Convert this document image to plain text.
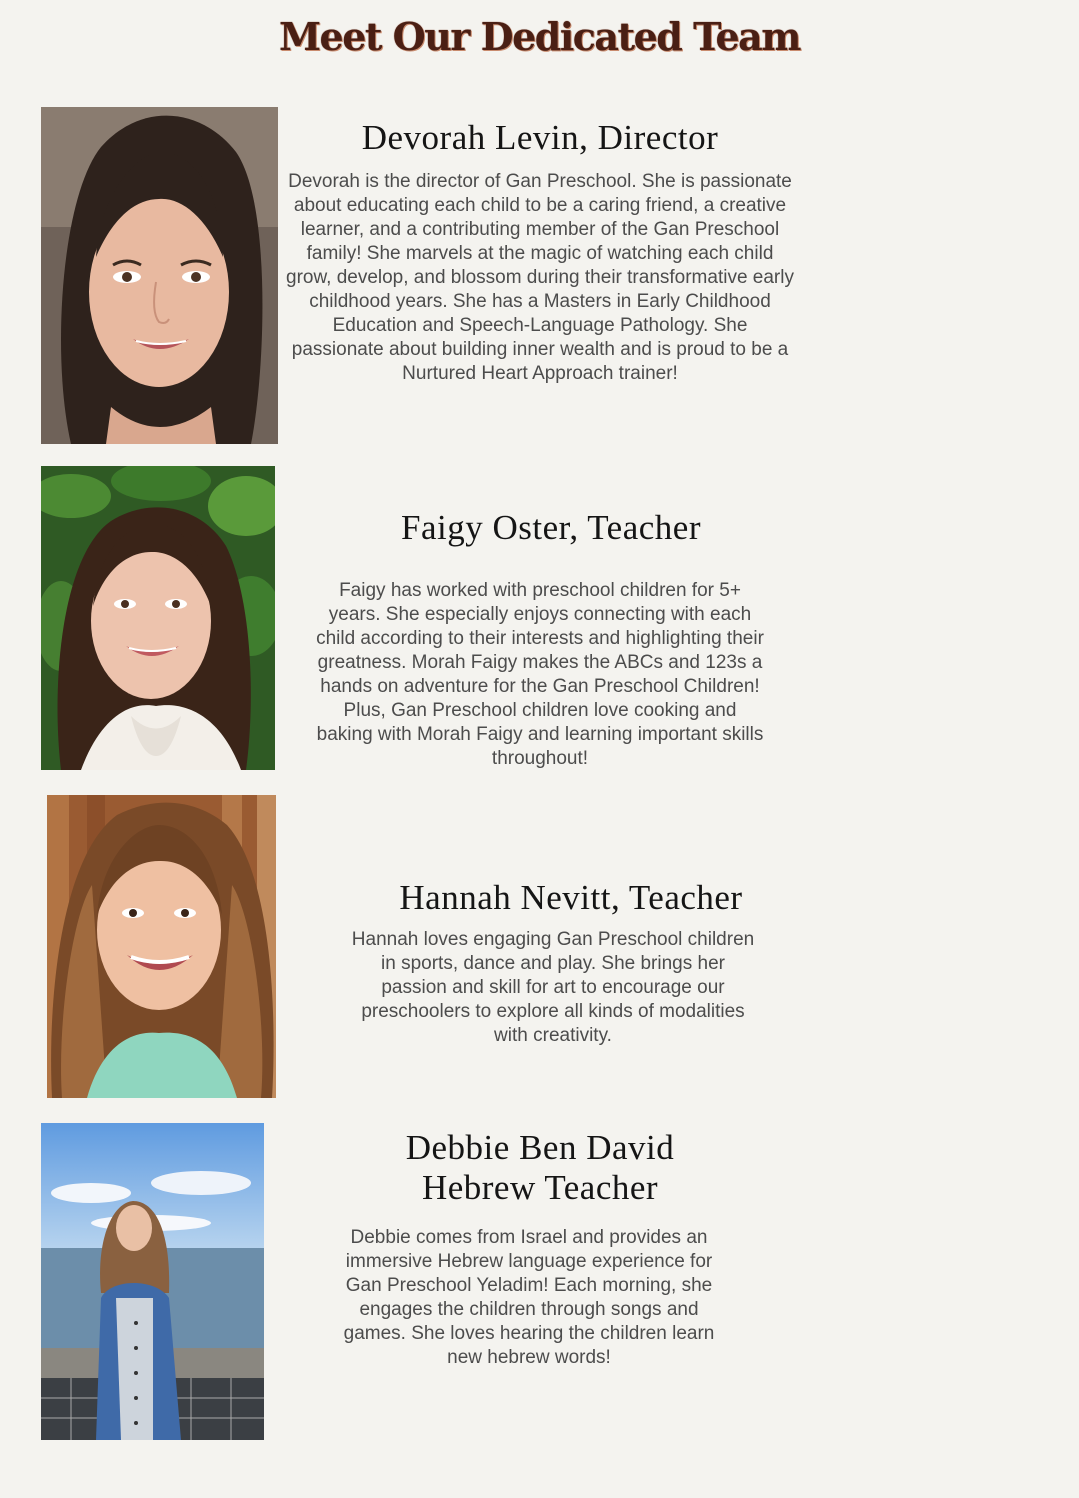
Meet Our Dedicated Team
Devorah Levin, Director
Devorah is the director of Gan Preschool. She is passionate about educating each child to be a caring friend, a creative learner, and a contributing member of the Gan Preschool family! She marvels at the magic of watching each child grow, develop, and blossom during their transformative early childhood years. She has a Masters in Early Childhood Education and Speech-Language Pathology. She passionate about building inner wealth and is proud to be a Nurtured Heart Approach trainer!
Faigy Oster, Teacher
Faigy has worked with preschool children for 5+ years. She especially enjoys connecting with each child according to their interests and highlighting their greatness. Morah Faigy makes the ABCs and 123s a hands on adventure for the Gan Preschool Children! Plus, Gan Preschool children love cooking and baking with Morah Faigy and learning important skills throughout!
Hannah Nevitt, Teacher
Hannah loves engaging Gan Preschool children in sports, dance and play. She brings her passion and skill for art to encourage our preschoolers to explore all kinds of modalities with creativity.
Debbie Ben David
Hebrew Teacher
Debbie comes from Israel and provides an immersive Hebrew language experience for Gan Preschool Yeladim! Each morning, she engages the children through songs and games. She loves hearing the children learn new hebrew words!
